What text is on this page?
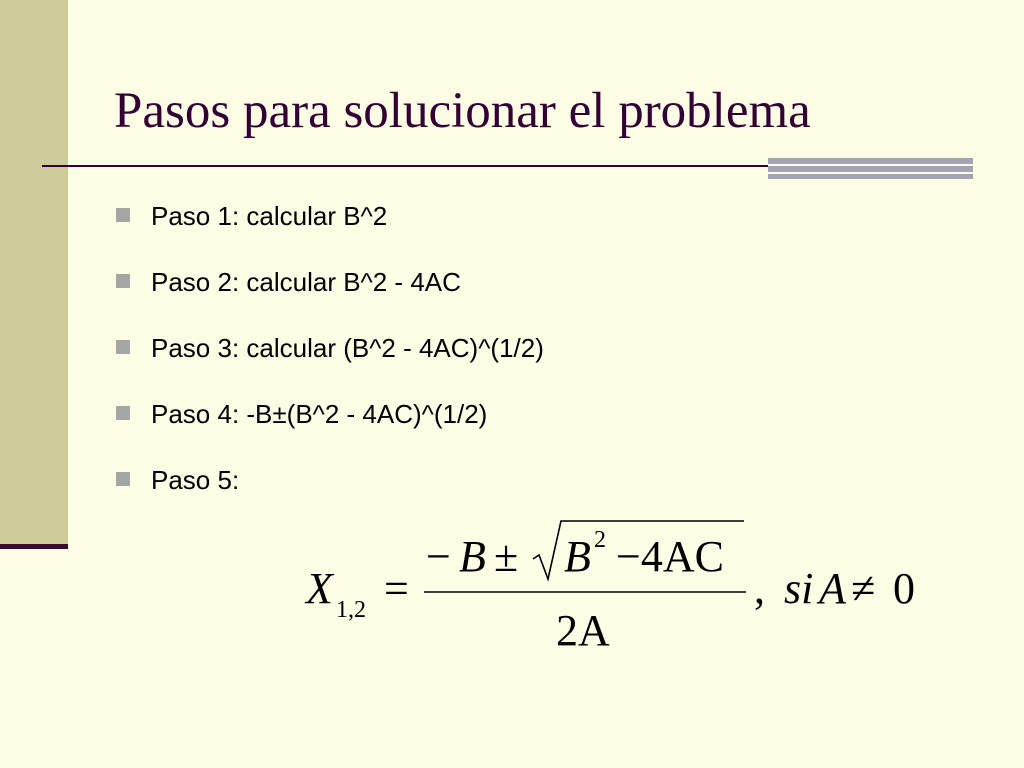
Pasos para solucionar el problema
Paso 1: calcular B^2
Paso 2: calcular B^2 - 4AC
Paso 3: calcular (B^2 - 4AC)^(1/2)
Paso 4: -B±(B^2 - 4AC)^(1/2)
Paso 5:
X 1,2 =
− B ± B 2 −4AC
2A
, si A ≠ 0
